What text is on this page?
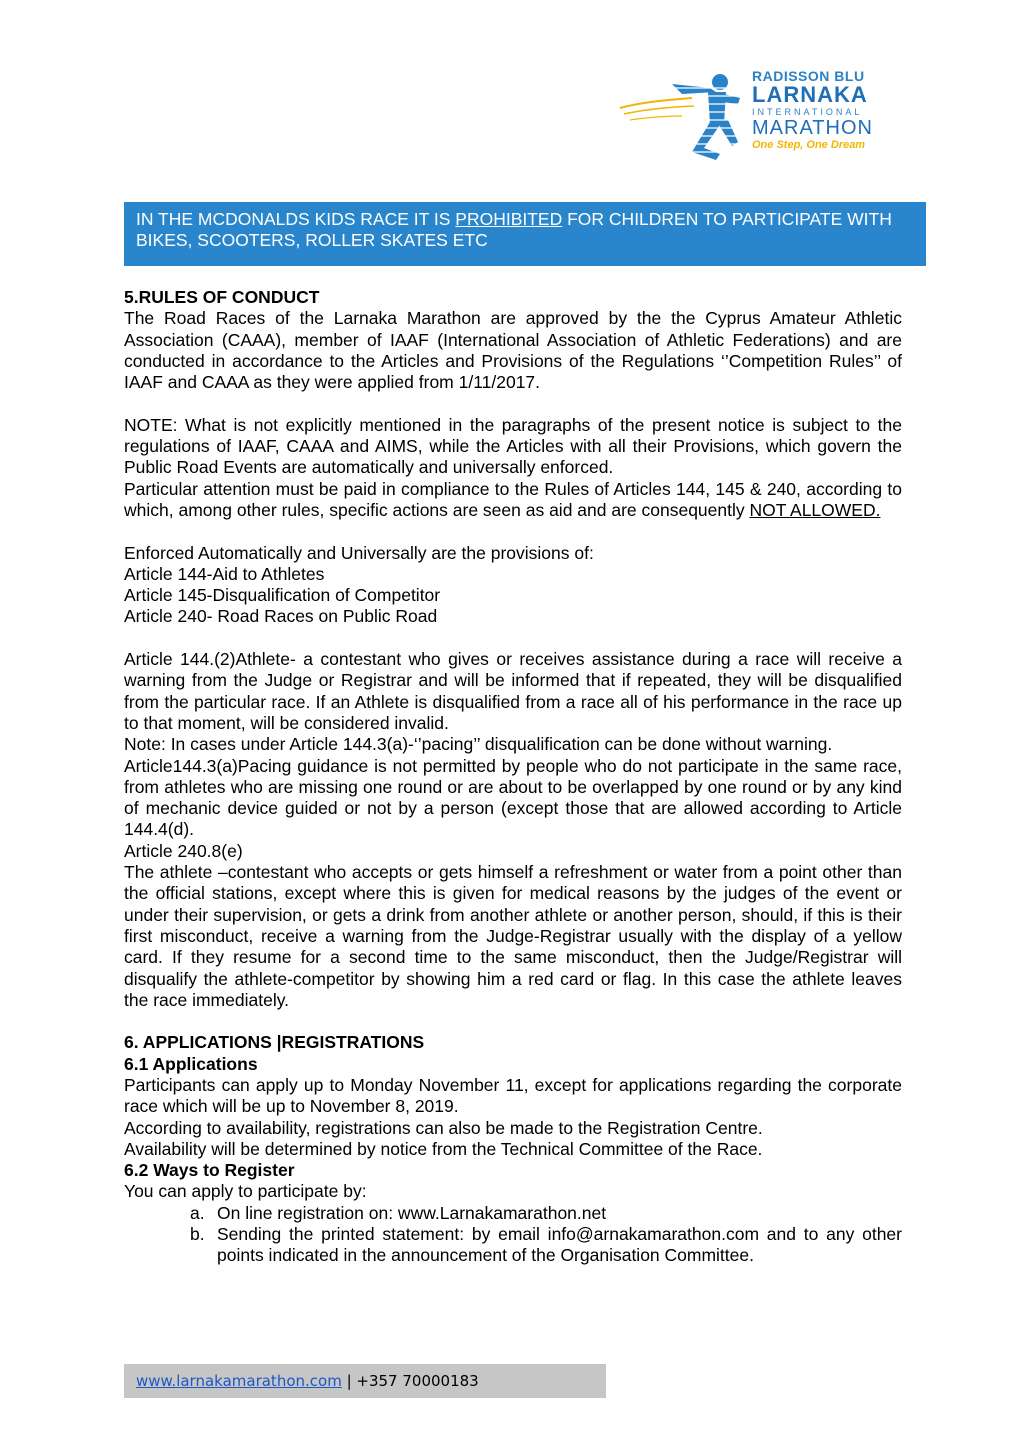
RADISSON BLU
LARNAKA
INTERNATIONAL
MARATHON
One Step, One Dream
IN THE MCDONALDS KIDS RACE IT IS PROHIBITED FOR CHILDREN TO PARTICIPATE WITH BIKES, SCOOTERS, ROLLER SKATES ETC

5.RULES OF CONDUCT

The Road Races of the Larnaka Marathon are approved by the the Cyprus Amateur Athletic Association (CAAA), member of IAAF (International Association of Athletic Federations) and are conducted in accordance to the Articles and Provisions of the Regulations ‘’Competition Rules’’ of IAAF and CAAA as they were applied from 1/11/2017.

NOTE: What is not explicitly mentioned in the paragraphs of the present notice is subject to the regulations of IAAF, CAAA and AIMS, while the Articles with all their Provisions, which govern the Public Road Events are automatically and universally enforced.

Particular attention must be paid in compliance to the Rules of Articles 144, 145 & 240, according to which, among other rules, specific actions are seen as aid and are consequently NOT ALLOWED.

Enforced Automatically and Universally are the provisions of:

Article 144-Aid to Athletes

Article 145-Disqualification of Competitor

Article 240- Road Races on Public Road

Article 144.(2)Athlete- a contestant who gives or receives assistance during a race will receive a warning from the Judge or Registrar and will be informed that if repeated, they will be disqualified from the particular race. If an Athlete is disqualified from a race all of his performance in the race up to that moment, will be considered invalid.

Note: In cases under Article 144.3(a)-‘’pacing’’ disqualification can be done without warning.

Article144.3(a)Pacing guidance is not permitted by people who do not participate in the same race, from athletes who are missing one round or are about to be overlapped by one round or by any kind of mechanic device guided or not by a person (except those that are allowed according to Article 144.4(d).

Article 240.8(e)

The athlete –contestant who accepts or gets himself a refreshment or water from a point other than the official stations, except where this is given for medical reasons by the judges of the event or under their supervision, or gets a drink from another athlete or another person, should, if this is their first misconduct, receive a warning from the Judge-Registrar usually with the display of a yellow card. If they resume for a second time to the same misconduct, then the Judge/Registrar will disqualify the athlete-competitor by showing him a red card or flag. In this case the athlete leaves the race immediately.

6. APPLICATIONS |REGISTRATIONS

6.1 Applications

Participants can apply up to Monday November 11, except for applications regarding the corporate race which will be up to November 8, 2019.

According to availability, registrations can also be made to the Registration Centre.

Availability will be determined by notice from the Technical Committee of the Race.

6.2 Ways to Register

You can apply to participate by:

a. On line registration on: www.Larnakamarathon.net
b. Sending the printed statement: by email info@arnakamarathon.com and to any other points indicated in the announcement of the Organisation Committee.
www.larnakamarathon.com | +357 70000183
